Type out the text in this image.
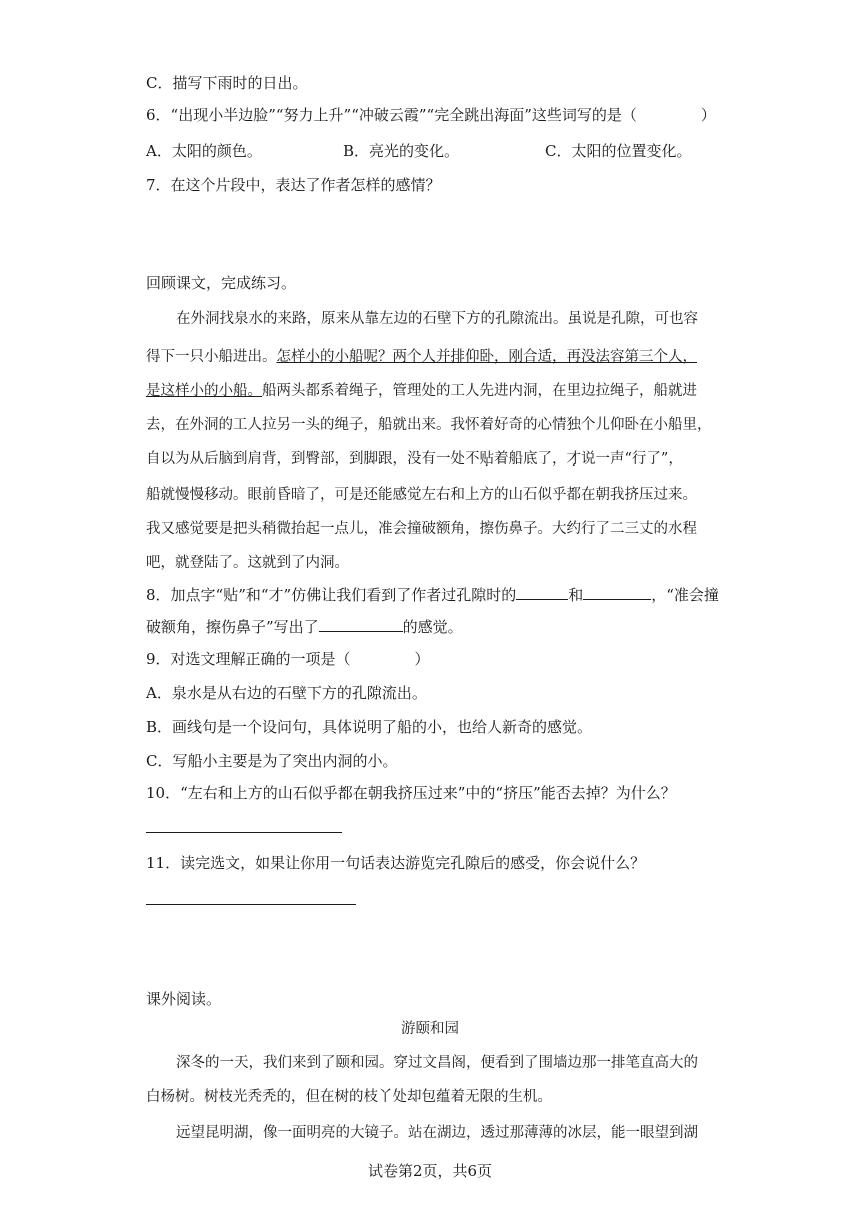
C．描写下雨时的日出。
6．“出现小半边脸”“努力上升”“冲破云霞”“完全跳出海面”这些词写的是（	）
A．太阳的颜色。	B．亮光的变化。	C．太阳的位置变化。
7．在这个片段中，表达了作者怎样的感情？
回顾课文，完成练习。
在外洞找泉水的来路，原来从靠左边的石壁下方的孔隙流出。虽说是孔隙，可也容
得下一只小船进出。怎样小的小船呢？两个人并排仰卧，刚合适，再没法容第三个人，
是这样小的小船。船两头都系着绳子，管理处的工人先进内洞，在里边拉绳子，船就进
去，在外洞的工人拉另一头的绳子，船就出来。我怀着好奇的心情独个儿仰卧在小船里，
自以为从后脑到肩背，到臀部，到脚跟，没有一处不贴着船底了，才说一声“行了”，
船就慢慢移动。眼前昏暗了，可是还能感觉左右和上方的山石似乎都在朝我挤压过来。
我又感觉要是把头稍微抬起一点儿，准会撞破额角，擦伤鼻子。大约行了二三丈的水程
吧，就登陆了。这就到了内洞。
8．加点字“贴”和“才”仿佛让我们看到了作者过孔隙时的	和	，“准会撞
破额角，擦伤鼻子”写出了	的感觉。
9．对选文理解正确的一项是（	）
A．泉水是从右边的石壁下方的孔隙流出。
B．画线句是一个设问句，具体说明了船的小，也给人新奇的感觉。
C．写船小主要是为了突出内洞的小。
10．“左右和上方的山石似乎都在朝我挤压过来”中的“挤压”能否去掉？为什么？
11．读完选文，如果让你用一句话表达游览完孔隙后的感受，你会说什么？
课外阅读。
游颐和园
深冬的一天，我们来到了颐和园。穿过文昌阁，便看到了围墙边那一排笔直高大的
白杨树。树枝光秃秃的，但在树的枝丫处却包蕴着无限的生机。
远望昆明湖，像一面明亮的大镜子。站在湖边，透过那薄薄的冰层，能一眼望到湖
试卷第2页，共6页
